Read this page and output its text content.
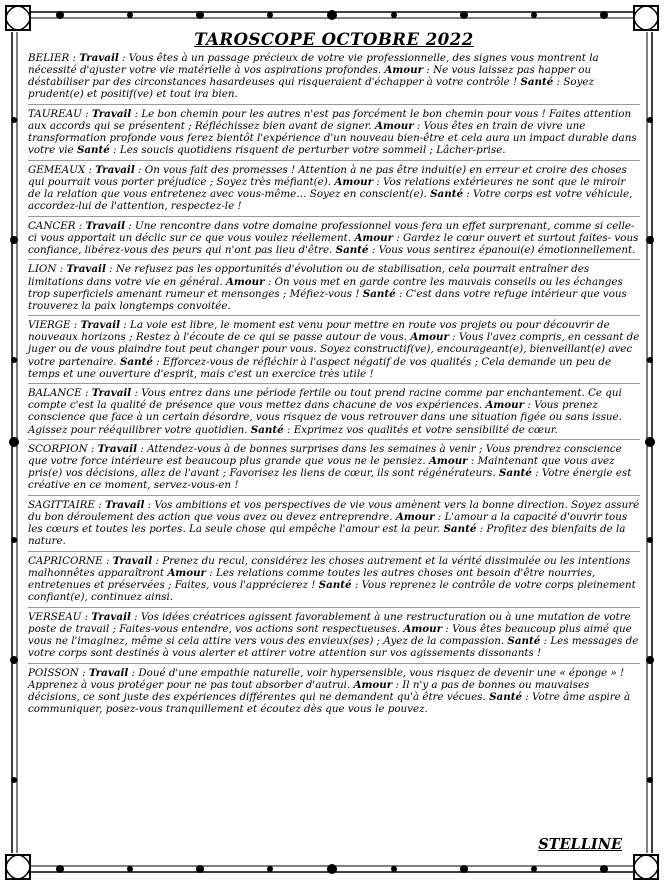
TAROSCOPE OCTOBRE 2022

BELIER : Travail : Vous êtes à un passage précieux de votre vie professionnelle, des signes vous montrent la nécessité d'ajuster votre vie matérielle à vos aspirations profondes. Amour : Ne vous laissez pas happer ou déstabiliser par des circonstances hasardeuses qui risqueraient d'échapper à votre contrôle ! Santé : Soyez prudent(e) et positif(ve) et tout ira bien.

TAUREAU : Travail : Le bon chemin pour les autres n'est pas forcément le bon chemin pour vous ! Faites attention aux accords qui se présentent ; Réfléchissez bien avant de signer. Amour : Vous êtes en train de vivre une transformation profonde vous ferez bientôt l'expérience d'un nouveau bien-être et cela aura un impact durable dans votre vie Santé : Les soucis quotidiens risquent de perturber votre sommeil ; Lâcher-prise.

GEMEAUX : Travail : On vous fait des promesses ! Attention à ne pas être induit(e) en erreur et croire des choses qui pourrait vous porter préjudice ; Soyez très méfiant(e). Amour : Vos relations extérieures ne sont que le miroir de la relation que vous entretenez avec vous-même… Soyez en conscient(e). Santé : Votre corps est votre véhicule, accordez-lui de l'attention, respectez-le !

CANCER : Travail : Une rencontre dans votre domaine professionnel vous fera un effet surprenant, comme si celle-ci vous apportait un déclic sur ce que vous voulez réellement. Amour : Gardez le cœur ouvert et surtout faites- vous confiance, libérez-vous des peurs qui n'ont pas lieu d'être. Santé : Vous vous sentirez épanoui(e) émotionnellement.

LION : Travail : Ne refusez pas les opportunités d'évolution ou de stabilisation, cela pourrait entraîner des limitations dans votre vie en général. Amour : On vous met en garde contre les mauvais conseils ou les échanges trop superficiels amenant rumeur et mensonges ; Méfiez-vous ! Santé : C'est dans votre refuge intérieur que vous trouverez la paix longtemps convoitée.

VIERGE : Travail : La voie est libre, le moment est venu pour mettre en route vos projets ou pour découvrir de nouveaux horizons ; Restez à l'écoute de ce qui se passe autour de vous. Amour : Vous l'avez compris, en cessant de juger ou de vous plaindre tout peut changer pour vous. Soyez constructif(ve), encourageant(e), bienveillant(e) avec votre partenaire. Santé : Efforcez-vous de réfléchir à l'aspect négatif de vos qualités ; Cela demande un peu de temps et une ouverture d'esprit, mais c'est un exercice très utile !

BALANCE : Travail : Vous entrez dans une période fertile ou tout prend racine comme par enchantement. Ce qui compte c'est la qualité de présence que vous mettez dans chacune de vos expériences. Amour : Vous prenez conscience que face à un certain désordre, vous risquez de vous retrouver dans une situation figée ou sans issue. Agissez pour rééquilibrer votre quotidien. Santé : Exprimez vos qualités et votre sensibilité de cœur.

SCORPION : Travail : Attendez-vous à de bonnes surprises dans les semaines à venir ; Vous prendrez conscience que votre force intérieure est beaucoup plus grande que vous ne le pensiez. Amour : Maintenant que vous avez pris(e) vos décisions, allez de l'avant ; Favorisez les liens de cœur, ils sont régénérateurs. Santé : Votre énergie est créative en ce moment, servez-vous-en !

SAGITTAIRE : Travail : Vos ambitions et vos perspectives de vie vous amènent vers la bonne direction. Soyez assuré du bon déroulement des action que vous avez ou devez entreprendre. Amour : L'amour a la capacité d'ouvrir tous les cœurs et toutes les portes. La seule chose qui empêche l'amour est la peur. Santé : Profitez des bienfaits de la nature.

CAPRICORNE : Travail : Prenez du recul, considérez les choses autrement et la vérité dissimulée ou les intentions malhonnêtes apparaîtront Amour : Les relations comme toutes les autres choses ont besoin d'être nourries, entretenues et préservées ; Faites, vous l'apprécierez ! Santé : Vous reprenez le contrôle de votre corps pleinement confiant(e), continuez ainsi.

VERSEAU : Travail : Vos idées créatrices agissent favorablement à une restructuration ou à une mutation de votre poste de travail ; Faites-vous entendre, vos actions sont respectueuses. Amour : Vous êtes beaucoup plus aimé que vous ne l'imaginez, même si cela attire vers vous des envieux(ses) ; Ayez de la compassion. Santé : Les messages de votre corps sont destinés à vous alerter et attirer votre attention sur vos agissements dissonants !

POISSON : Travail : Doué d'une empathie naturelle, voir hypersensible, vous risquez de devenir une « éponge » ! Apprenez à vous protéger pour ne pas tout absorber d'autrui. Amour : Il n'y a pas de bonnes ou mauvaises décisions, ce sont juste des expériences différentes qui ne demandent qu'à être vécues. Santé : Votre âme aspire à communiquer, posez-vous tranquillement et écoutez dès que vous le pouvez.

STELLINE
